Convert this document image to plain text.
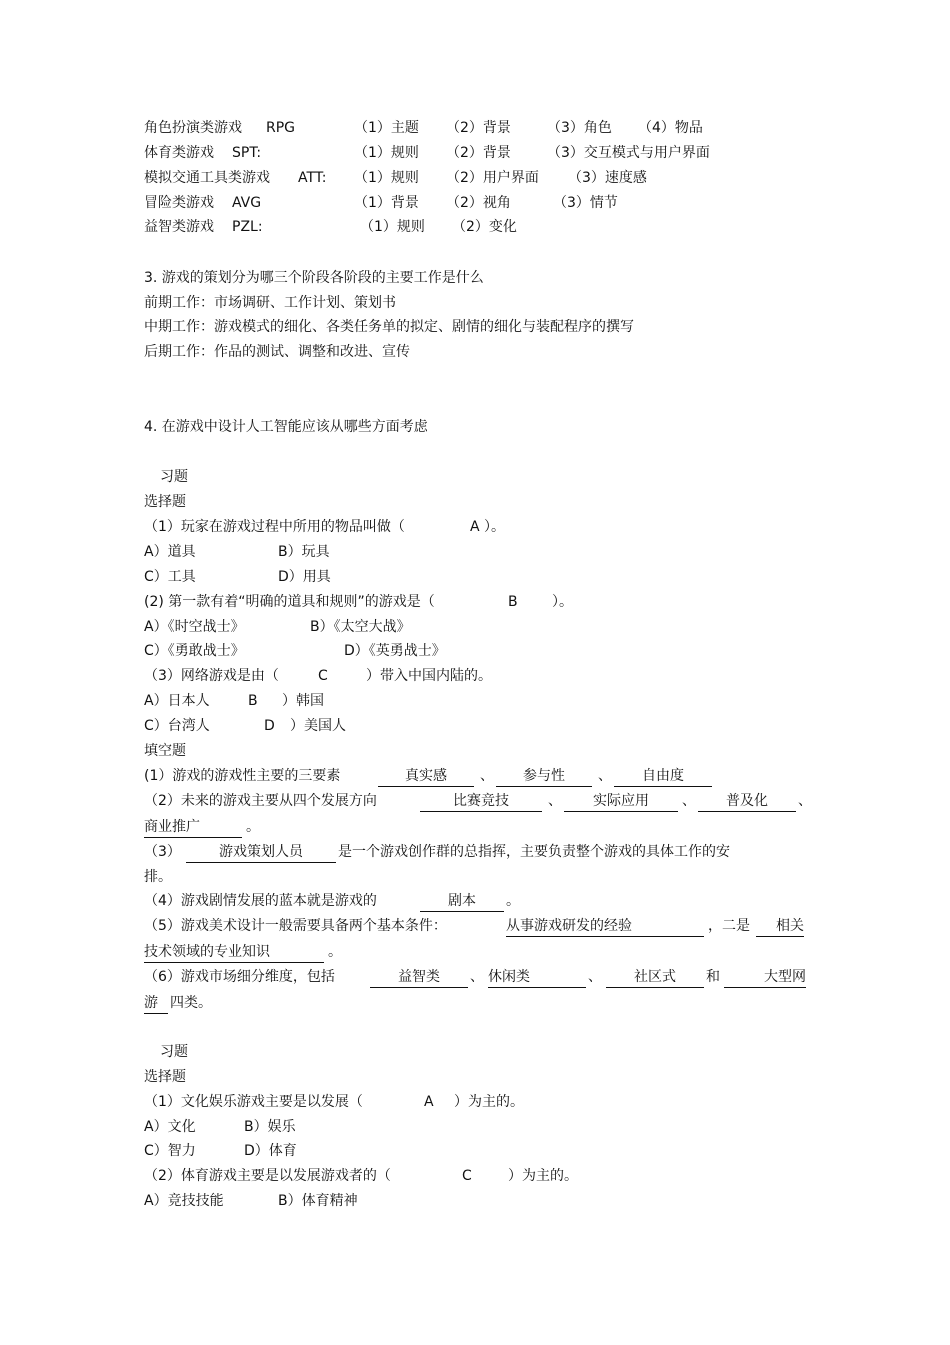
角色扮演类游戏 RPG	（1）主题 （2）背景	（3）角色 （4）物品
体育类游戏 SPT:	（1）规则 （2）背景	（3）交互模式与用户界面
模拟交通工具类游戏 ATT: （1）规则 （2）用户界面 （3）速度感
冒险类游戏 AVG	（1）背景 （2）视角	（3）情节
益智类游戏 PZL:	（1）规则 （2）变化
3. 游戏的策划分为哪三个阶段各阶段的主要工作是什么
前期工作：市场调研、工作计划、策划书
中期工作：游戏模式的细化、各类任务单的拟定、剧情的细化与装配程序的撰写
后期工作：作品的测试、调整和改进、宣传
4. 在游戏中设计人工智能应该从哪些方面考虑
习题
选择题
（1）玩家在游戏过程中所用的物品叫做（	A ）。
A）道具	B）玩具
C）工具	D）用具
(2) 第一款有着“明确的道具和规则”的游戏是（	B ）。
A）《时空战士》	B）《太空大战》
C）《勇敢战士》	D）《英勇战士》
（3）网络游戏是由（	C	）带入中国内陆的。
A）日本人	B ）韩国
C）台湾人	D ）美国人
填空题
(1）游戏的游戏性主要的三要素	真实感	、	参与性	、	自由度
（2）未来的游戏主要从四个发展方向	比赛竞技	、	实际应用	、	普及化	、
商业推广	。
（3）	游戏策划人员	是一个游戏创作群的总指挥，主要负责整个游戏的具体工作的安
排。
（4）游戏剧情发展的蓝本就是游戏的	剧本	。
（5）游戏美术设计一般需要具备两个基本条件：	从事游戏研发的经验	，二是	相关
技术领域的专业知识	。
（6）游戏市场细分维度，包括	益智类	、 休闲类	、	社区式	和	大型网
游 四类。
习题
选择题
（1）文化娱乐游戏主要是以发展（	A ）为主的。
A）文化	B）娱乐
C）智力	D）体育
（2）体育游戏主要是以发展游戏者的（	C	）为主的。
A）竞技技能	B）体育精神
